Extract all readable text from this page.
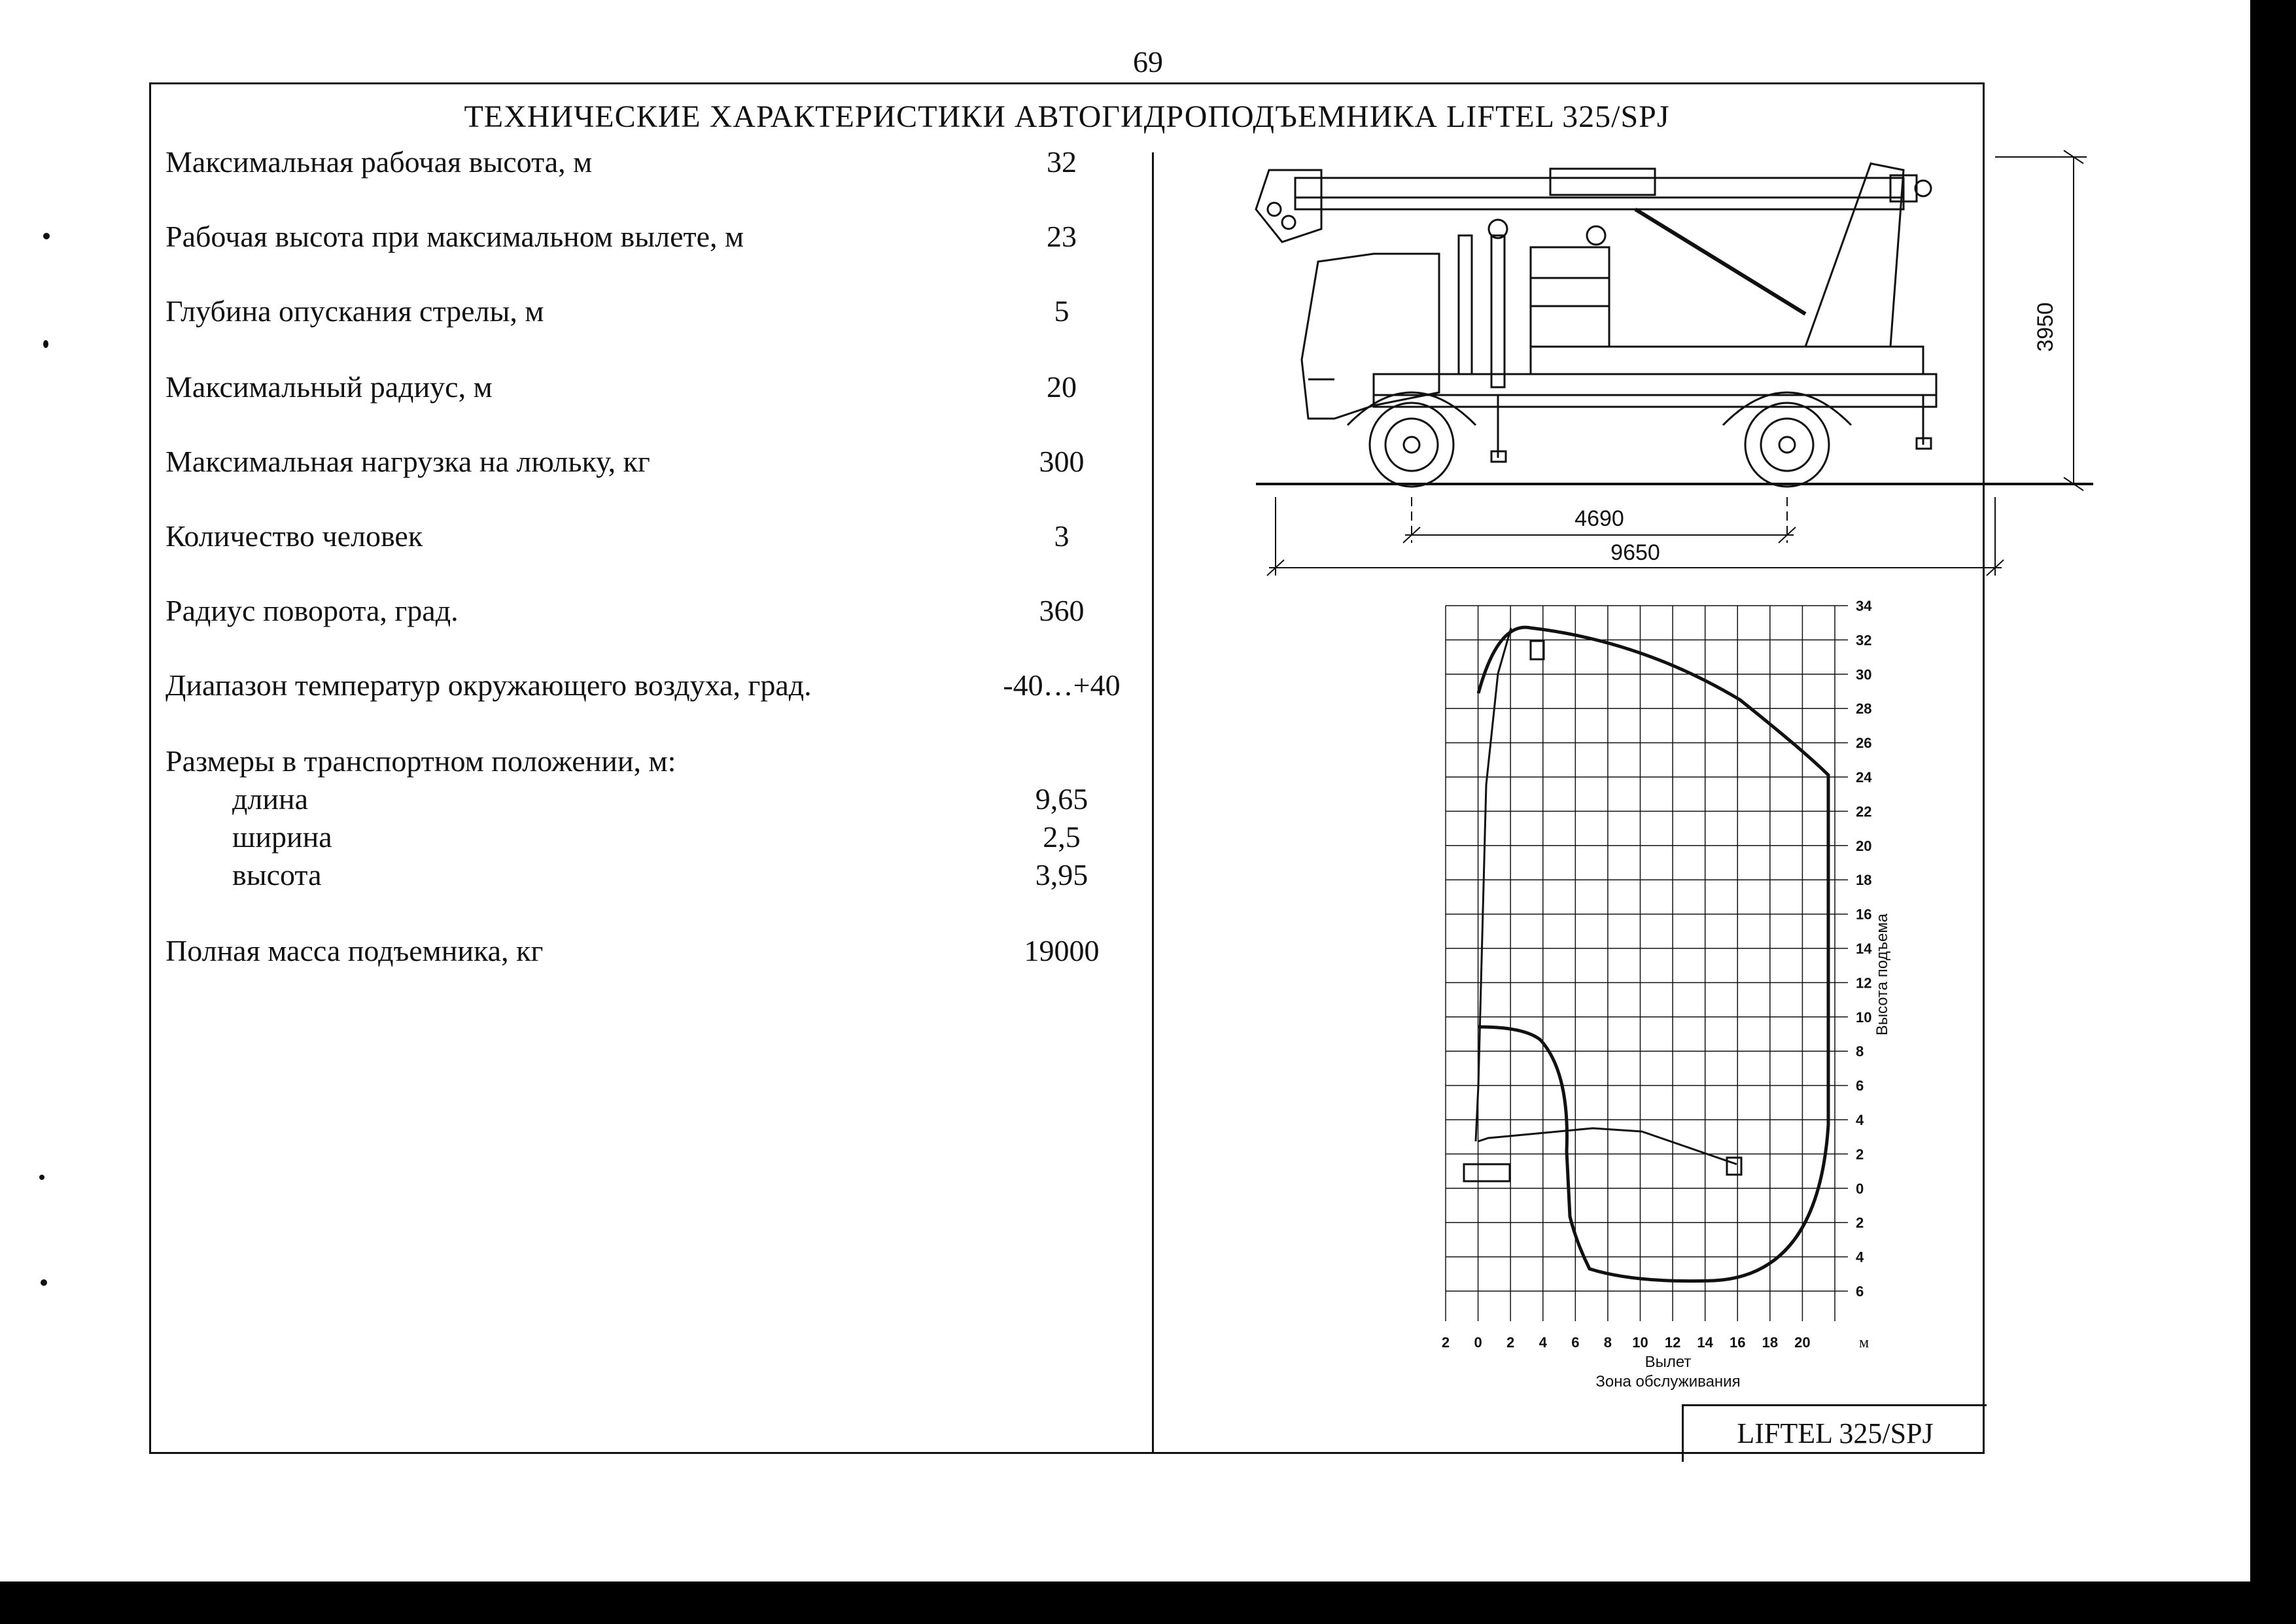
69
ТЕХНИЧЕСКИЕ ХАРАКТЕРИСТИКИ АВТОГИДРОПОДЪЕМНИКА LIFTEL 325/SPJ
Максимальная рабочая высота, м	32
Рабочая высота при максимальном вылете, м	23
Глубина опускания стрелы, м	5
Максимальный радиус, м	20
Максимальная нагрузка на люльку, кг	300
Количество человек	3
Радиус поворота, град.	360
Диапазон температур окружающего воздуха, град.	-40…+40
Размеры в транспортном положении, м:
длина	9,65
ширина	2,5
высота	3,95
Полная масса подъемника, кг	19000
LIFTEL 325/SPJ
4690
9650
3950
34
32
30
28
26
24
22
20
18
16
14
12
10
8
6
4
2
0
2
4
6
2 0 2 4 6 8 10 12 14 16 18 20
Высота подъема
Вылет
Зона обслуживания
м
